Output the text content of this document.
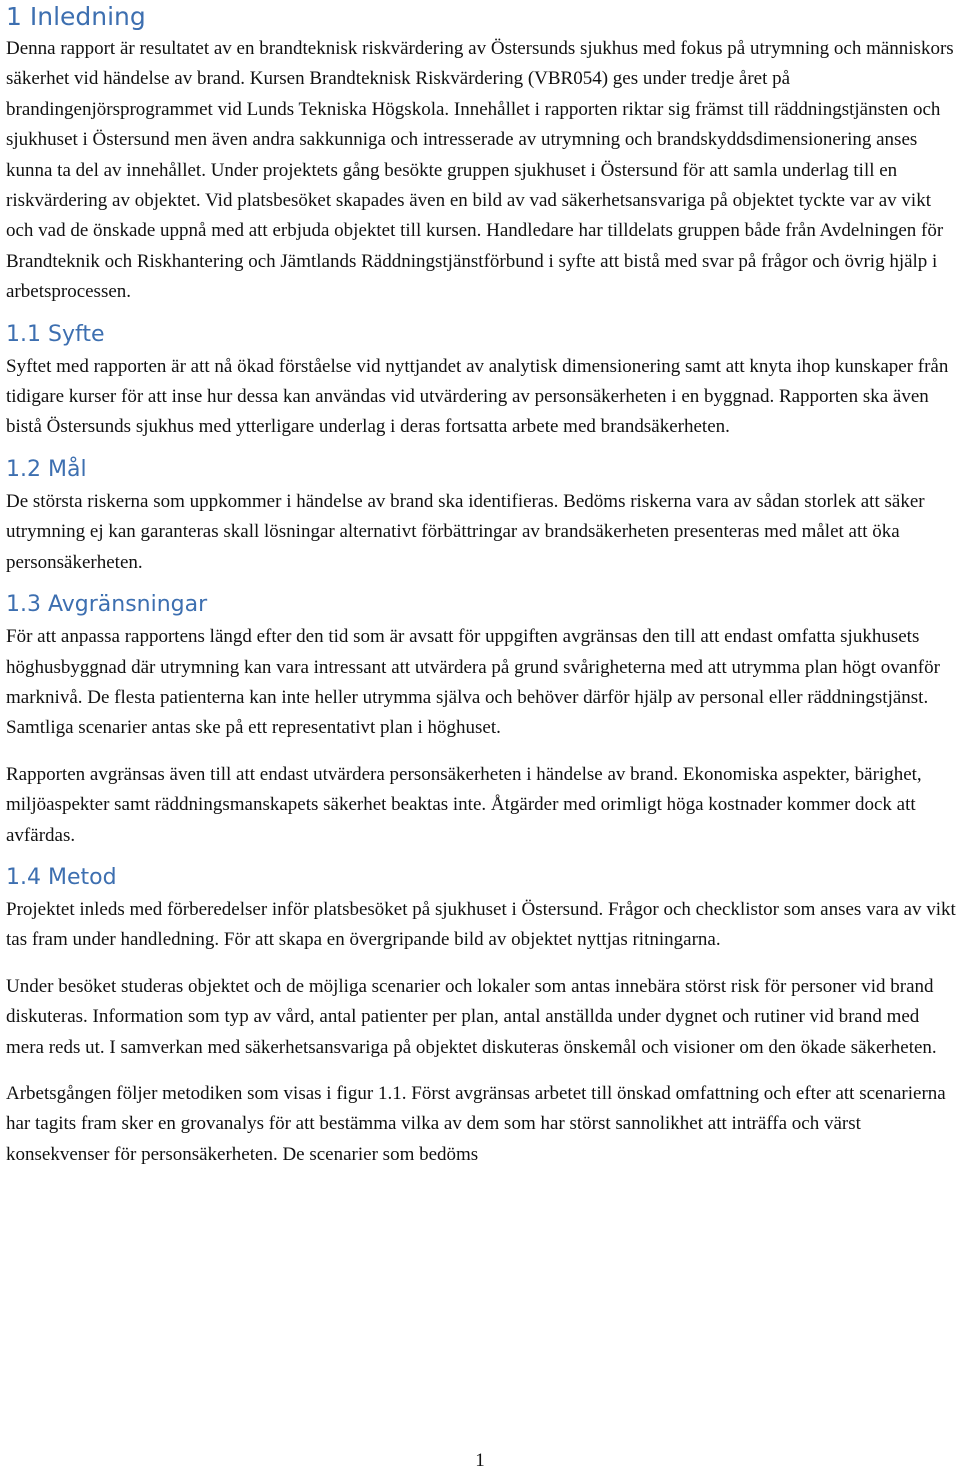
1 Inledning

Denna rapport är resultatet av en brandteknisk riskvärdering av Östersunds sjukhus med fokus på utrymning och människors säkerhet vid händelse av brand. Kursen Brandteknisk Riskvärdering (VBR054) ges under tredje året på brandingenjörsprogrammet vid Lunds Tekniska Högskola. Innehållet i rapporten riktar sig främst till räddningstjänsten och sjukhuset i Östersund men även andra sakkunniga och intresserade av utrymning och brandskyddsdimensionering anses kunna ta del av innehållet. Under projektets gång besökte gruppen sjukhuset i Östersund för att samla underlag till en riskvärdering av objektet. Vid platsbesöket skapades även en bild av vad säkerhetsansvariga på objektet tyckte var av vikt och vad de önskade uppnå med att erbjuda objektet till kursen. Handledare har tilldelats gruppen både från Avdelningen för Brandteknik och Riskhantering och Jämtlands Räddningstjänstförbund i syfte att bistå med svar på frågor och övrig hjälp i arbetsprocessen.

1.1 Syfte

Syftet med rapporten är att nå ökad förståelse vid nyttjandet av analytisk dimensionering samt att knyta ihop kunskaper från tidigare kurser för att inse hur dessa kan användas vid utvärdering av personsäkerheten i en byggnad. Rapporten ska även bistå Östersunds sjukhus med ytterligare underlag i deras fortsatta arbete med brandsäkerheten.

1.2 Mål

De största riskerna som uppkommer i händelse av brand ska identifieras. Bedöms riskerna vara av sådan storlek att säker utrymning ej kan garanteras skall lösningar alternativt förbättringar av brandsäkerheten presenteras med målet att öka personsäkerheten.

1.3 Avgränsningar

För att anpassa rapportens längd efter den tid som är avsatt för uppgiften avgränsas den till att endast omfatta sjukhusets höghusbyggnad där utrymning kan vara intressant att utvärdera på grund svårigheterna med att utrymma plan högt ovanför marknivå. De flesta patienterna kan inte heller utrymma själva och behöver därför hjälp av personal eller räddningstjänst. Samtliga scenarier antas ske på ett representativt plan i höghuset.

Rapporten avgränsas även till att endast utvärdera personsäkerheten i händelse av brand. Ekonomiska aspekter, bärighet, miljöaspekter samt räddningsmanskapets säkerhet beaktas inte. Åtgärder med orimligt höga kostnader kommer dock att avfärdas.

1.4 Metod

Projektet inleds med förberedelser inför platsbesöket på sjukhuset i Östersund. Frågor och checklistor som anses vara av vikt tas fram under handledning. För att skapa en övergripande bild av objektet nyttjas ritningarna.

Under besöket studeras objektet och de möjliga scenarier och lokaler som antas innebära störst risk för personer vid brand diskuteras. Information som typ av vård, antal patienter per plan, antal anställda under dygnet och rutiner vid brand med mera reds ut. I samverkan med säkerhetsansvariga på objektet diskuteras önskemål och visioner om den ökade säkerheten.

Arbetsgången följer metodiken som visas i figur 1.1. Först avgränsas arbetet till önskad omfattning och efter att scenarierna har tagits fram sker en grovanalys för att bestämma vilka av dem som har störst sannolikhet att inträffa och värst konsekvenser för personsäkerheten. De scenarier som bedöms

1
